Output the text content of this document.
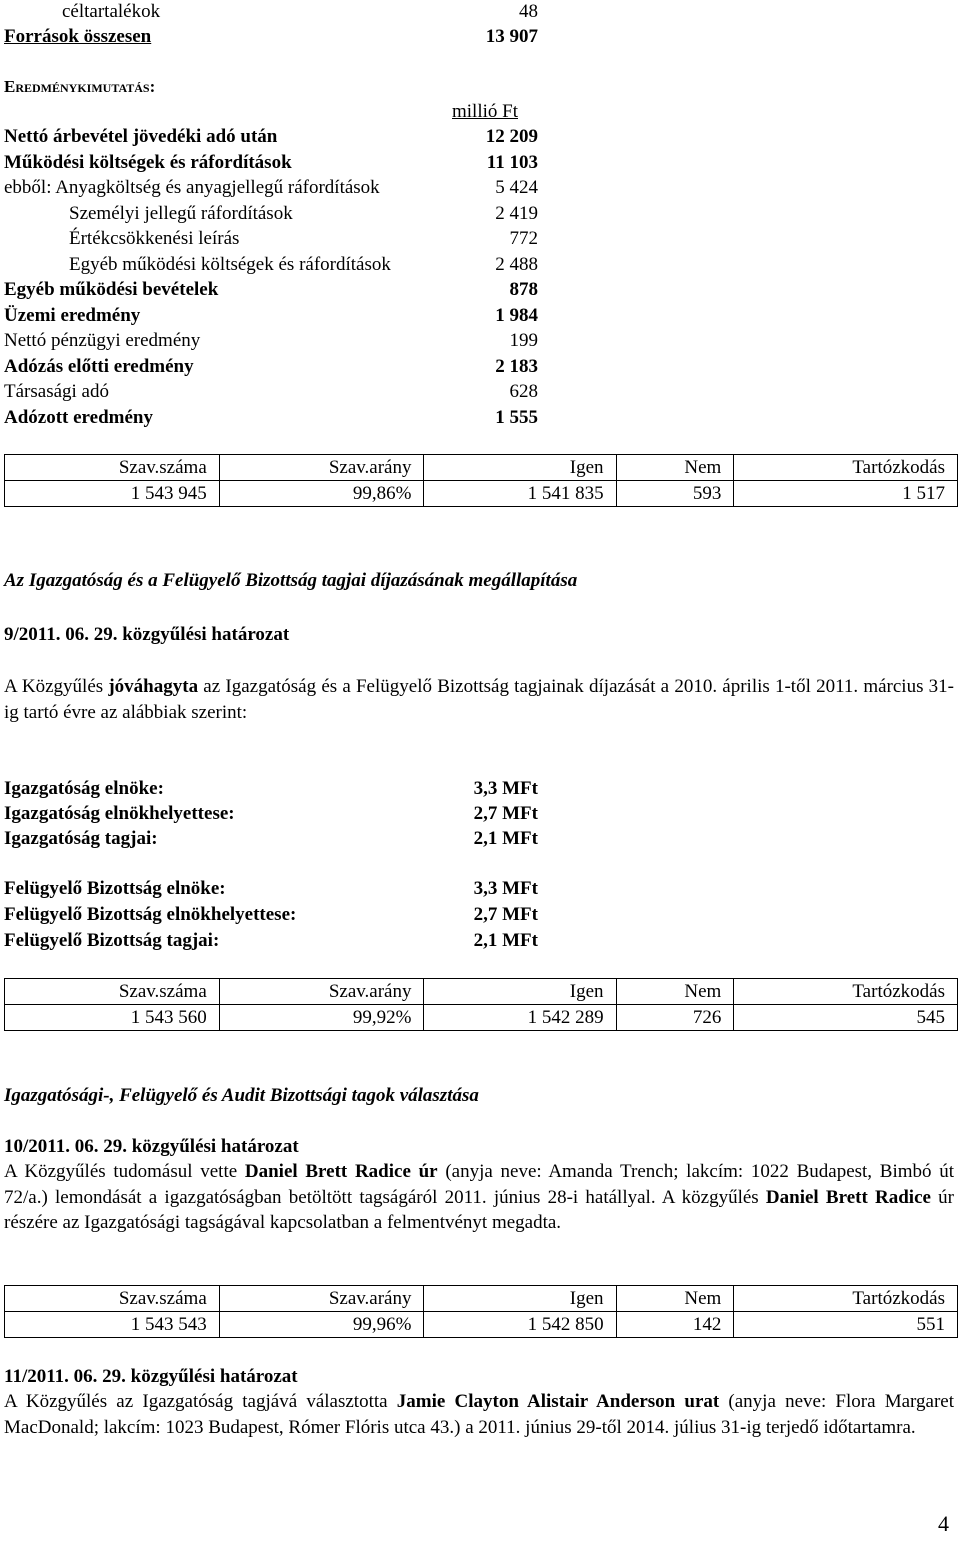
céltartalékok	48
Források összesen	13 907
Eredménykimutatás:
millió Ft
Nettó árbevétel jövedéki adó után	12 209
Működési költségek és ráfordítások	11 103
ebből: Anyagköltség és anyagjellegű ráfordítások	5 424
Személyi jellegű ráfordítások	2 419
Értékcsökkenési leírás	772
Egyéb működési költségek és ráfordítások	2 488
Egyéb működési bevételek	878
Üzemi eredmény	1 984
Nettó pénzügyi eredmény	199
Adózás előtti eredmény	2 183
Társasági adó	628
Adózott eredmény	1 555
Szav.száma	Szav.arány	Igen	Nem	Tartózkodás
1 543 945	99,86%	1 541 835	593	1 517
Az Igazgatóság és a Felügyelő Bizottság tagjai díjazásának megállapítása
9/2011. 06. 29. közgyűlési határozat
A Közgyűlés jóváhagyta az Igazgatóság és a Felügyelő Bizottság tagjainak díjazását a 2010. április 1-től 2011. március 31-ig tartó évre az alábbiak szerint:
Igazgatóság elnöke:	3,3 MFt
Igazgatóság elnökhelyettese:	2,7 MFt
Igazgatóság tagjai:	2,1 MFt
Felügyelő Bizottság elnöke:	3,3 MFt
Felügyelő Bizottság elnökhelyettese:	2,7 MFt
Felügyelő Bizottság tagjai:	2,1 MFt
Szav.száma	Szav.arány	Igen	Nem	Tartózkodás
1 543 560	99,92%	1 542 289	726	545
Igazgatósági-, Felügyelő és Audit Bizottsági tagok választása
10/2011. 06. 29. közgyűlési határozat
A Közgyűlés tudomásul vette Daniel Brett Radice úr (anyja neve: Amanda Trench; lakcím: 1022 Budapest, Bimbó út 72/a.) lemondását a igazgatóságban betöltött tagságáról 2011. június 28-i hatállyal. A közgyűlés Daniel Brett Radice úr részére az Igazgatósági tagságával kapcsolatban a felmentvényt megadta.
Szav.száma	Szav.arány	Igen	Nem	Tartózkodás
1 543 543	99,96%	1 542 850	142	551
11/2011. 06. 29. közgyűlési határozat
A Közgyűlés az Igazgatóság tagjává választotta Jamie Clayton Alistair Anderson urat (anyja neve: Flora Margaret MacDonald; lakcím: 1023 Budapest, Rómer Flóris utca 43.) a 2011. június 29-től 2014. július 31-ig terjedő időtartamra.
4
